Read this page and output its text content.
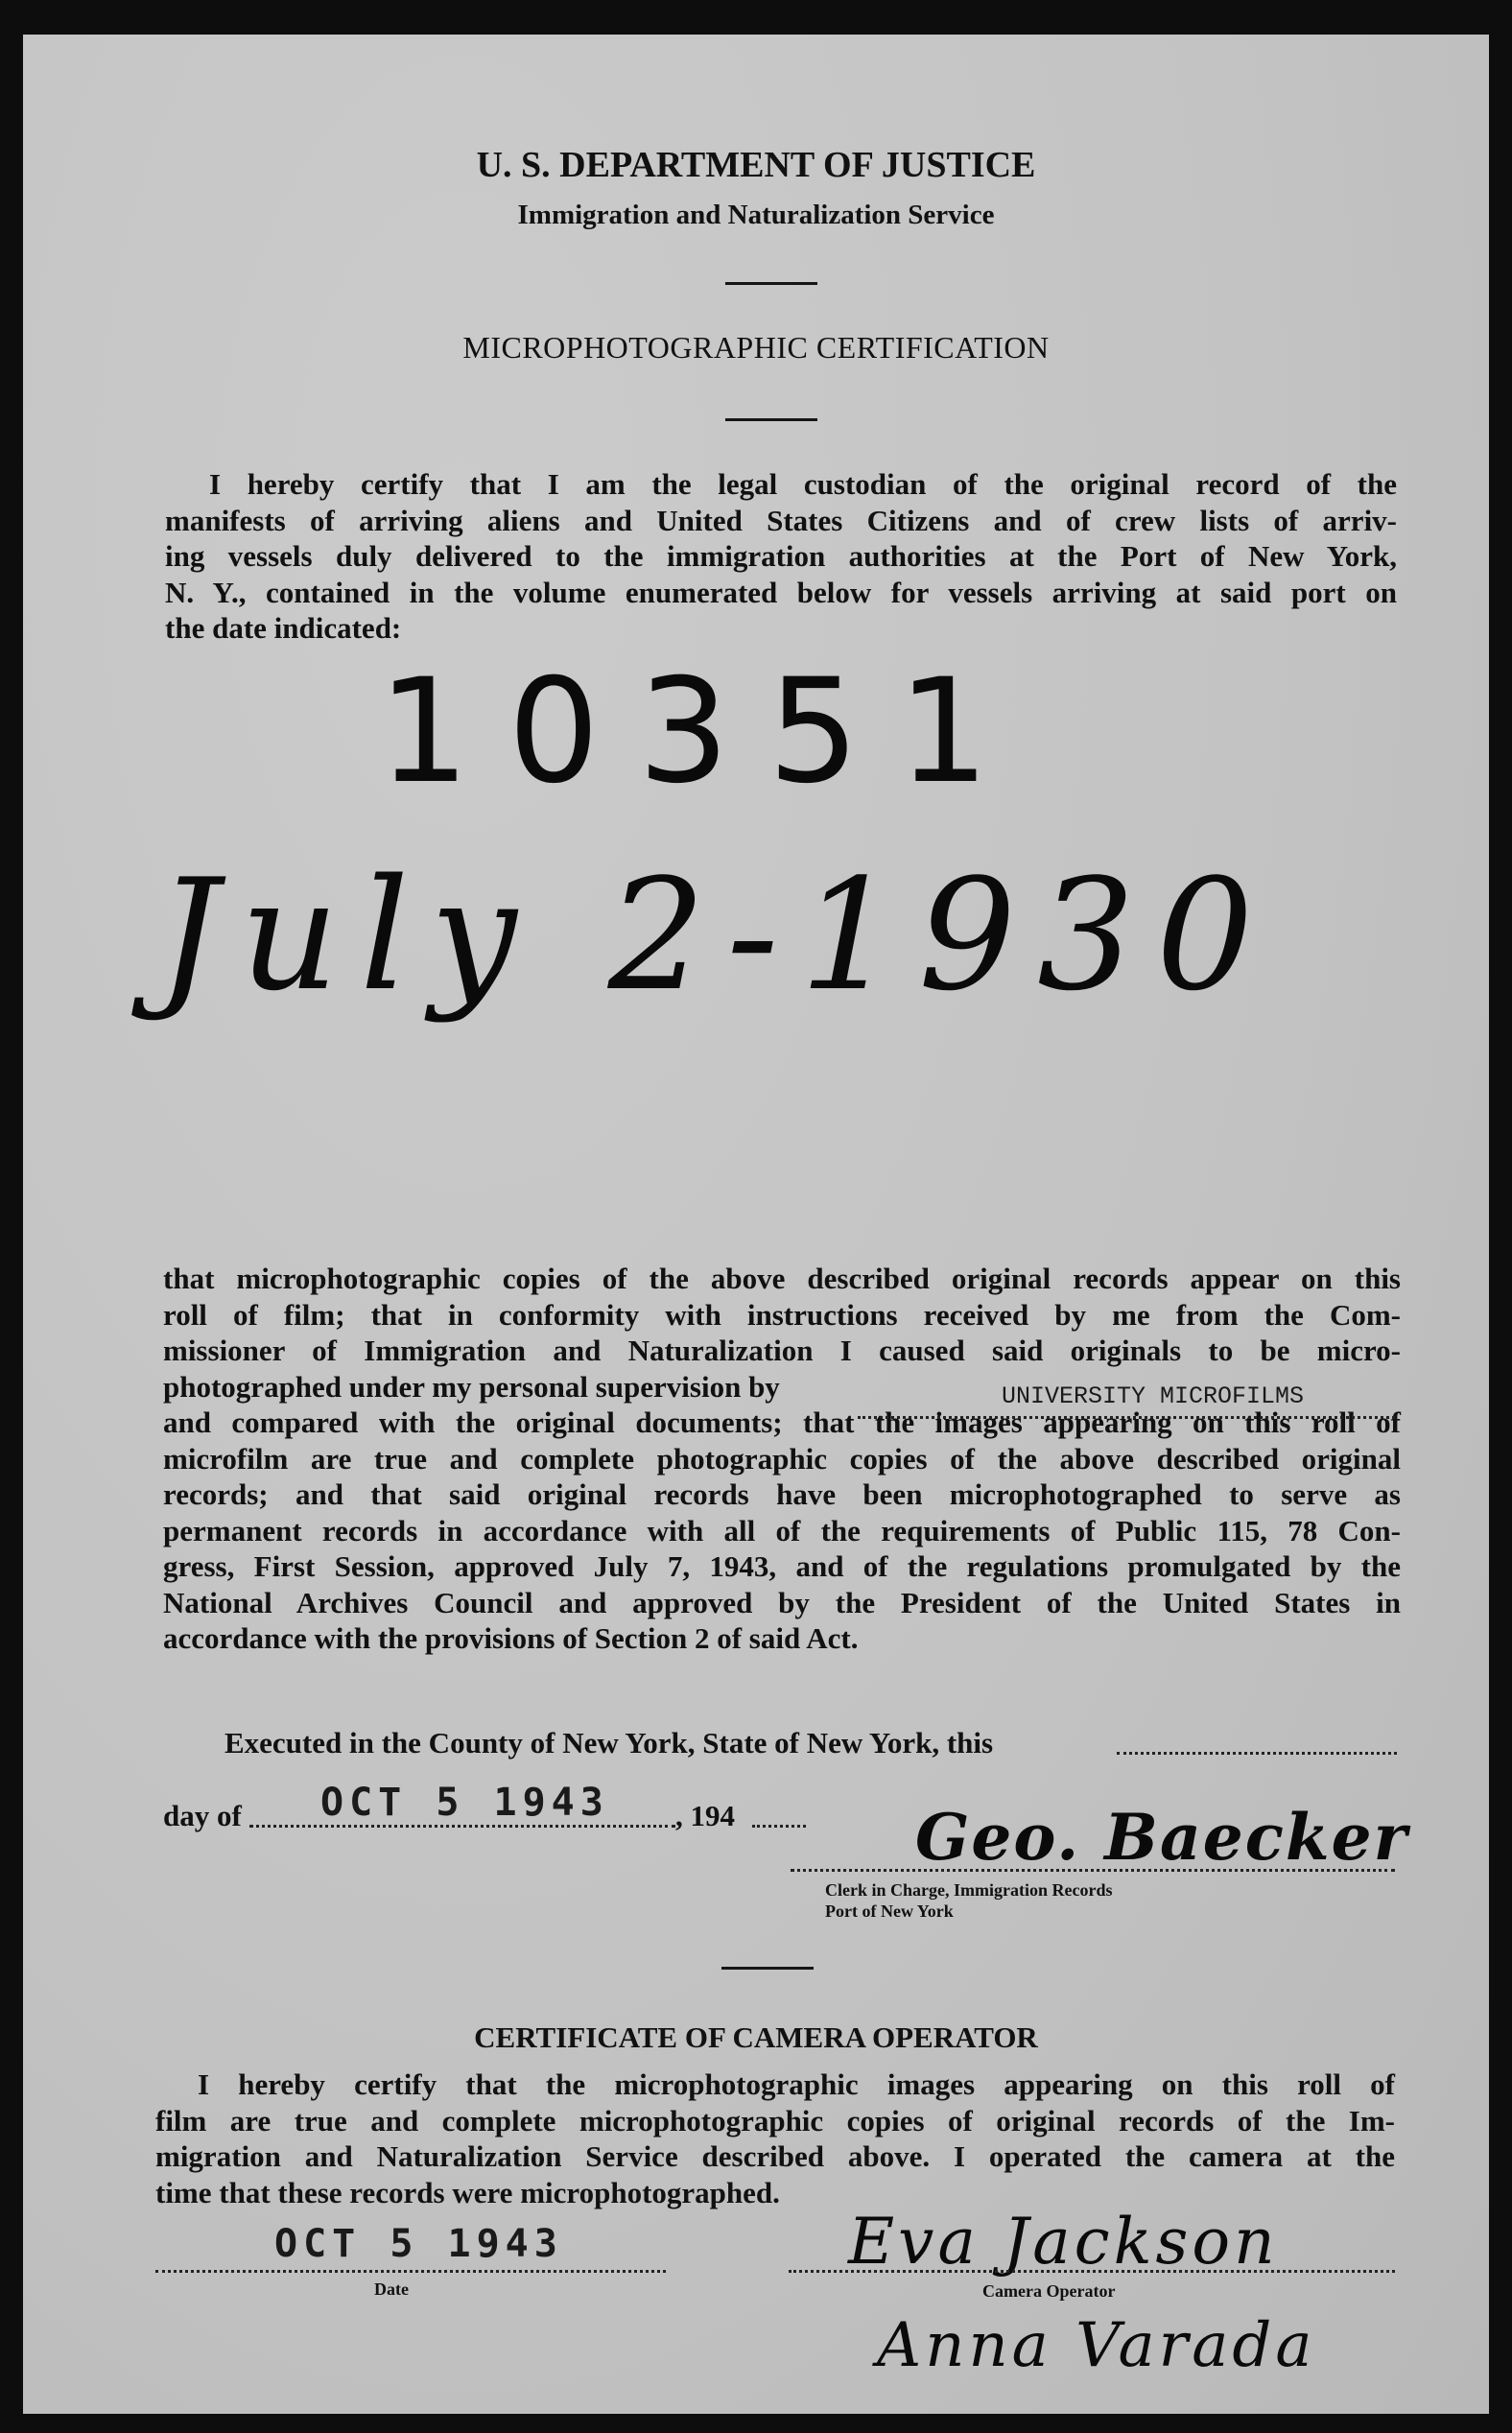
U. S. DEPARTMENT OF JUSTICE
Immigration and Naturalization Service
MICROPHOTOGRAPHIC CERTIFICATION

I hereby certify that I am the legal custodian of the original record of the
manifests of arriving aliens and United States Citizens and of crew lists of arriv-
ing vessels duly delivered to the immigration authorities at the Port of New York,
N. Y., contained in the volume enumerated below for vessels arriving at said port on
the date indicated:

10351
July 2-1930
that microphotographic copies of the above described original records appear on this
roll of film; that in conformity with instructions received by me from the Com-
missioner of Immigration and Naturalization I caused said originals to be micro-
photographed under my personal supervision by
and compared with the original documents; that the images appearing on this roll of
microfilm are true and complete photographic copies of the above described original
records; and that said original records have been microphotographed to serve as
permanent records in accordance with all of the requirements of Public 115, 78 Con-
gress, First Session, approved July 7, 1943, and of the regulations promulgated by the
National Archives Council and approved by the President of the United States in
accordance with the provisions of Section 2 of said Act.
UNIVERSITY MICROFILMS
Executed in the County of New York, State of New York, this
day of OCT 5 1943 , 194	Geo. Baecker
Clerk in Charge, Immigration Records
Port of New York
CERTIFICATE OF CAMERA OPERATOR
I hereby certify that the microphotographic images appearing on this roll of
film are true and complete microphotographic copies of original records of the Im-
migration and Naturalization Service described above. I operated the camera at the
time that these records were microphotographed.
OCT 5 1943
Date
Eva Jackson
Camera Operator
Anna Varada
